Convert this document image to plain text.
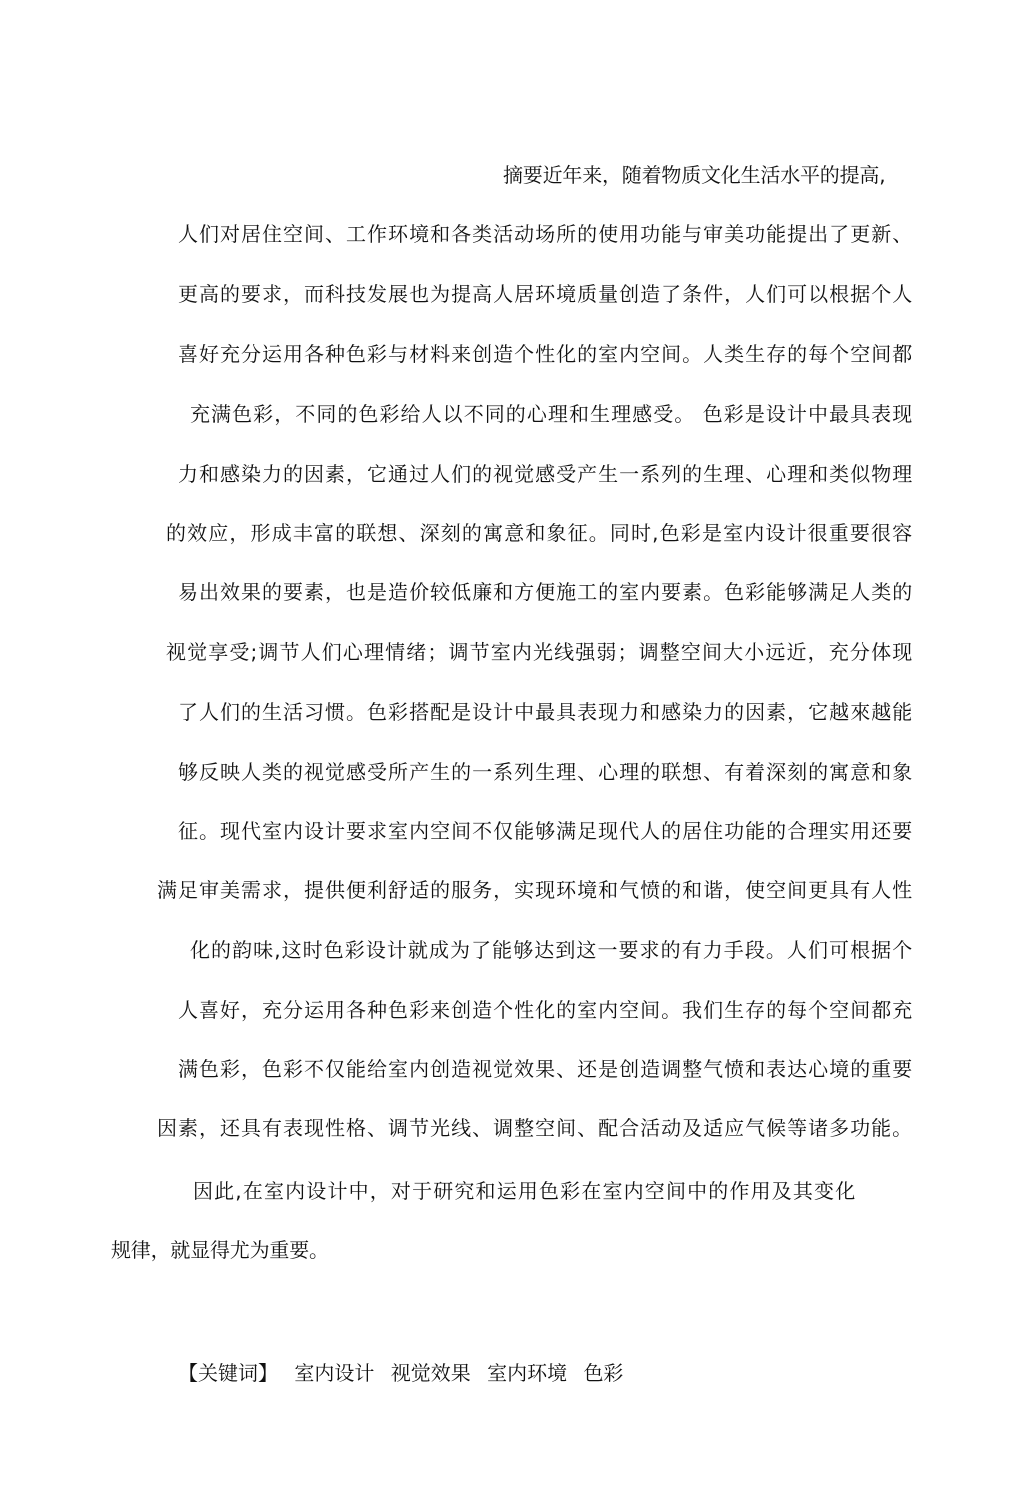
摘要近年来，随着物质文化生活水平的提高,
人们对居住空间、工作环境和各类活动场所的使用功能与审美功能提出了更新、
更高的要求，而科技发展也为提高人居环境质量创造了条件，人们可以根据个人
喜好充分运用各种色彩与材料来创造个性化的室内空间。人类生存的每个空间都
充满色彩，不同的色彩给人以不同的心理和生理感受。 色彩是设计中最具表现
力和感染力的因素，它通过人们的视觉感受产生一系列的生理、心理和类似物理
的效应，形成丰富的联想、深刻的寓意和象征。同时,色彩是室内设计很重要很容
易出效果的要素，也是造价较低廉和方便施工的室内要素。色彩能够满足人类的
视觉享受;调节人们心理情绪；调节室内光线强弱；调整空间大小远近，充分体现
了人们的生活习惯。色彩搭配是设计中最具表现力和感染力的因素，它越來越能
够反映人类的视觉感受所产生的一系列生理、心理的联想、有着深刻的寓意和象
征。现代室内设计要求室内空间不仅能够满足现代人的居住功能的合理实用还要
满足审美需求，提供便利舒适的服务，实现环境和气愤的和谐，使空间更具有人性
化的韵味,这时色彩设计就成为了能够达到这一要求的有力手段。人们可根据个
人喜好，充分运用各种色彩来创造个性化的室内空间。我们生存的每个空间都充
满色彩，色彩不仅能给室内创造视觉效果、还是创造调整气愤和表达心境的重要
因素，还具有表现性格、调节光线、调整空间、配合活动及适应气候等诸多功能。
因此,在室内设计中，对于研究和运用色彩在室内空间中的作用及其变化
规律，就显得尤为重要。
【关键词】 室内设计 视觉效果 室内环境 色彩
